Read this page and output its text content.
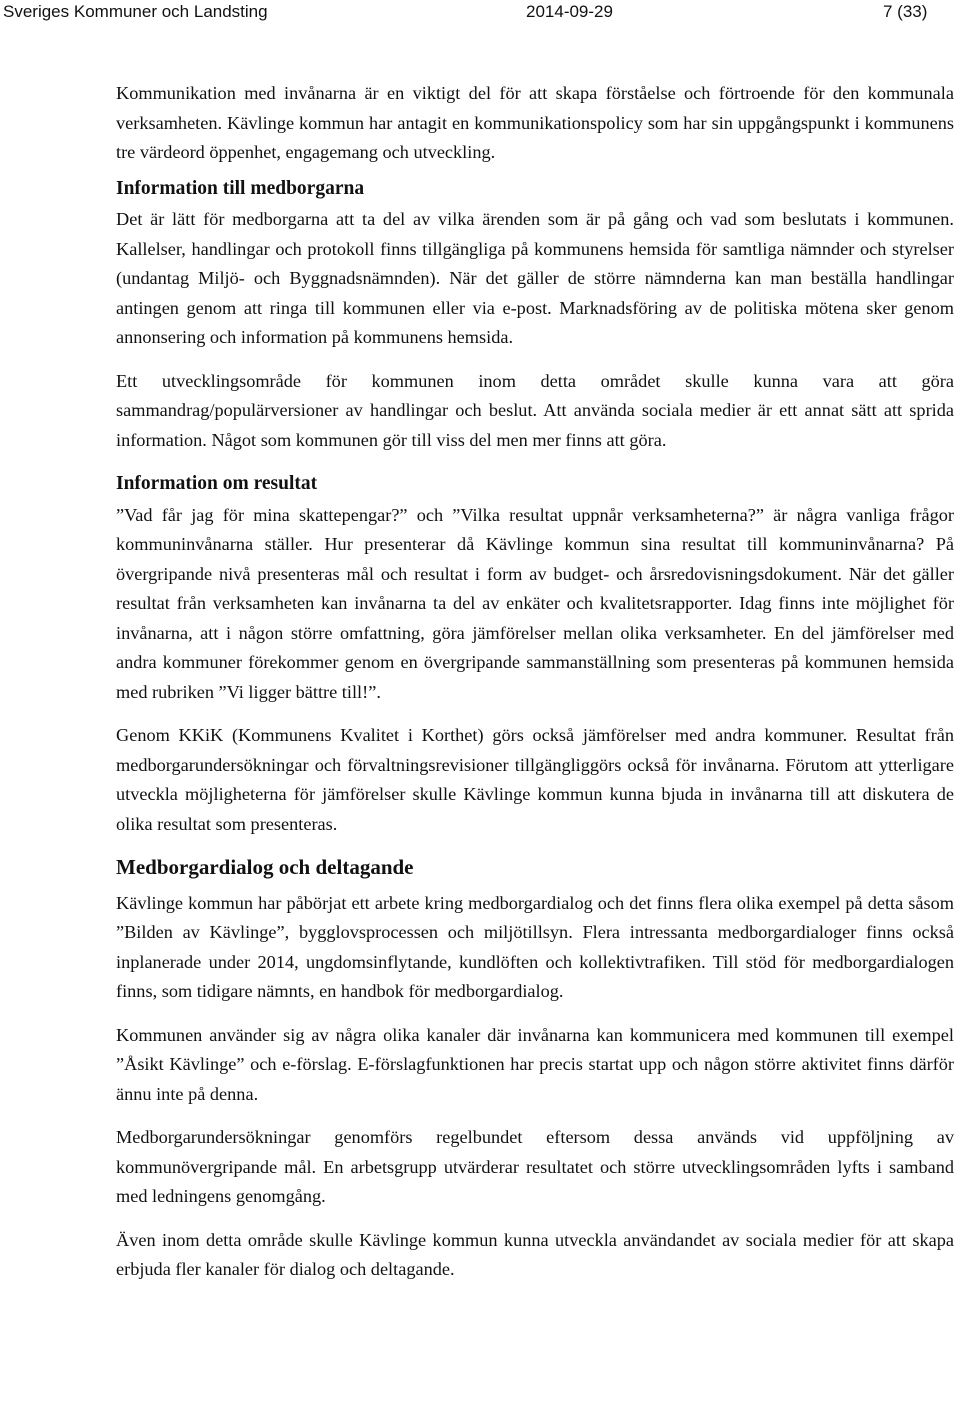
Sveriges Kommuner och Landsting	2014-09-29	7 (33)

Kommunikation med invånarna är en viktigt del för att skapa förståelse och förtroende för den kommunala verksamheten. Kävlinge kommun har antagit en kommunikationspolicy som har sin uppgångspunkt i kommunens tre värdeord öppenhet, engagemang och utveckling.

Information till medborgarna

Det är lätt för medborgarna att ta del av vilka ärenden som är på gång och vad som beslutats i kommunen. Kallelser, handlingar och protokoll finns tillgängliga på kommunens hemsida för samtliga nämnder och styrelser (undantag Miljö- och Byggnadsnämnden). När det gäller de större nämnderna kan man beställa handlingar antingen genom att ringa till kommunen eller via e-post. Marknadsföring av de politiska mötena sker genom annonsering och information på kommunens hemsida.

Ett utvecklingsområde för kommunen inom detta området skulle kunna vara att göra sammandrag/populärversioner av handlingar och beslut. Att använda sociala medier är ett annat sätt att sprida information. Något som kommunen gör till viss del men mer finns att göra.

Information om resultat

”Vad får jag för mina skattepengar?” och ”Vilka resultat uppnår verksamheterna?” är några vanliga frågor kommuninvånarna ställer. Hur presenterar då Kävlinge kommun sina resultat till kommuninvånarna? På övergripande nivå presenteras mål och resultat i form av budget- och årsredovisningsdokument. När det gäller resultat från verksamheten kan invånarna ta del av enkäter och kvalitetsrapporter. Idag finns inte möjlighet för invånarna, att i någon större omfattning, göra jämförelser mellan olika verksamheter. En del jämförelser med andra kommuner förekommer genom en övergripande sammanställning som presenteras på kommunen hemsida med rubriken ”Vi ligger bättre till!”.

Genom KKiK (Kommunens Kvalitet i Korthet) görs också jämförelser med andra kommuner. Resultat från medborgarundersökningar och förvaltningsrevisioner tillgängliggörs också för invånarna. Förutom att ytterligare utveckla möjligheterna för jämförelser skulle Kävlinge kommun kunna bjuda in invånarna till att diskutera de olika resultat som presenteras.

Medborgardialog och deltagande

Kävlinge kommun har påbörjat ett arbete kring medborgardialog och det finns flera olika exempel på detta såsom ”Bilden av Kävlinge”, bygglovsprocessen och miljötillsyn. Flera intressanta medborgardialoger finns också inplanerade under 2014, ungdomsinflytande, kundlöften och kollektivtrafiken. Till stöd för medborgardialogen finns, som tidigare nämnts, en handbok för medborgardialog.

Kommunen använder sig av några olika kanaler där invånarna kan kommunicera med kommunen till exempel ”Åsikt Kävlinge” och e-förslag. E-förslagfunktionen har precis startat upp och någon större aktivitet finns därför ännu inte på denna.

Medborgarundersökningar genomförs regelbundet eftersom dessa används vid uppföljning av kommunövergripande mål. En arbetsgrupp utvärderar resultatet och större utvecklingsområden lyfts i samband med ledningens genomgång.

Även inom detta område skulle Kävlinge kommun kunna utveckla användandet av sociala medier för att skapa erbjuda fler kanaler för dialog och deltagande.
